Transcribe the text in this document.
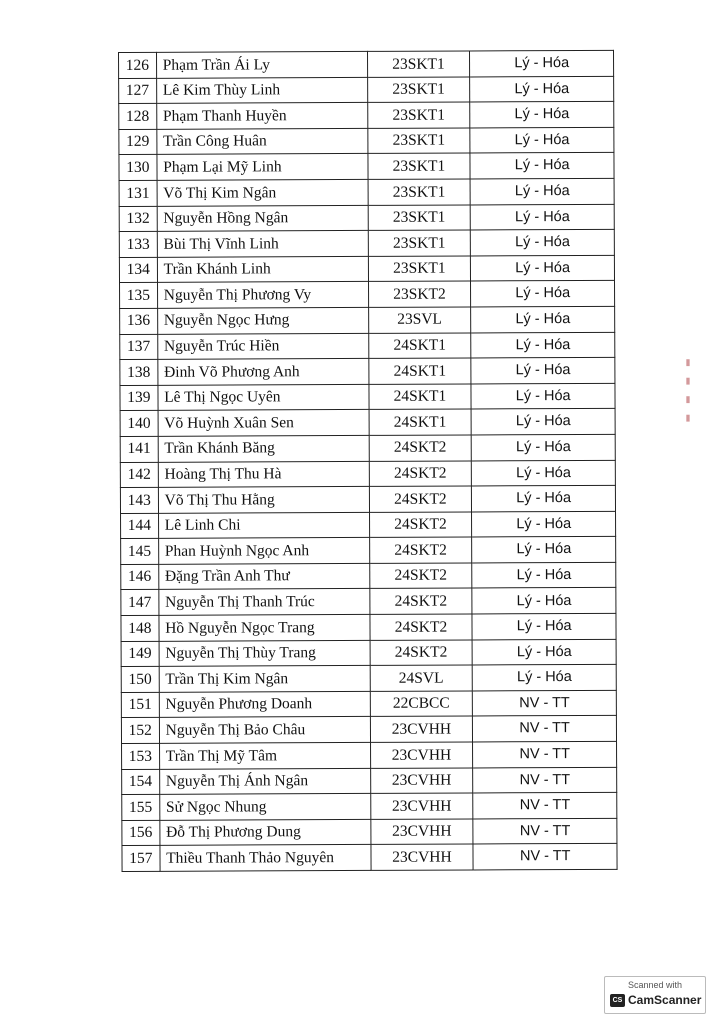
126	Phạm Trần Ái Ly	23SKT1	Lý - Hóa
127	Lê Kim Thùy Linh	23SKT1	Lý - Hóa
128	Phạm Thanh Huyền	23SKT1	Lý - Hóa
129	Trần Công Huân	23SKT1	Lý - Hóa
130	Phạm Lại Mỹ Linh	23SKT1	Lý - Hóa
131	Võ Thị Kim Ngân	23SKT1	Lý - Hóa
132	Nguyễn Hồng Ngân	23SKT1	Lý - Hóa
133	Bùi Thị Vĩnh Linh	23SKT1	Lý - Hóa
134	Trần Khánh Linh	23SKT1	Lý - Hóa
135	Nguyễn Thị Phương Vy	23SKT2	Lý - Hóa
136	Nguyễn Ngọc Hưng	23SVL	Lý - Hóa
137	Nguyễn Trúc Hiền	24SKT1	Lý - Hóa
138	Đinh Võ Phương Anh	24SKT1	Lý - Hóa
139	Lê Thị Ngọc Uyên	24SKT1	Lý - Hóa
140	Võ Huỳnh Xuân Sen	24SKT1	Lý - Hóa
141	Trần Khánh Băng	24SKT2	Lý - Hóa
142	Hoàng Thị Thu Hà	24SKT2	Lý - Hóa
143	Võ Thị Thu Hằng	24SKT2	Lý - Hóa
144	Lê Linh Chi	24SKT2	Lý - Hóa
145	Phan Huỳnh Ngọc Anh	24SKT2	Lý - Hóa
146	Đặng Trần Anh Thư	24SKT2	Lý - Hóa
147	Nguyễn Thị Thanh Trúc	24SKT2	Lý - Hóa
148	Hồ Nguyễn Ngọc Trang	24SKT2	Lý - Hóa
149	Nguyễn Thị Thùy Trang	24SKT2	Lý - Hóa
150	Trần Thị Kim Ngân	24SVL	Lý - Hóa
151	Nguyễn Phương Doanh	22CBCC	NV - TT
152	Nguyễn Thị Bảo Châu	23CVHH	NV - TT
153	Trần Thị Mỹ Tâm	23CVHH	NV - TT
154	Nguyễn Thị Ánh Ngân	23CVHH	NV - TT
155	Sử Ngọc Nhung	23CVHH	NV - TT
156	Đỗ Thị Phương Dung	23CVHH	NV - TT
157	Thiều Thanh Thảo Nguyên	23CVHH	NV - TT
▮ ▮ ▮ ▮
Scanned with
CS CamScanner
